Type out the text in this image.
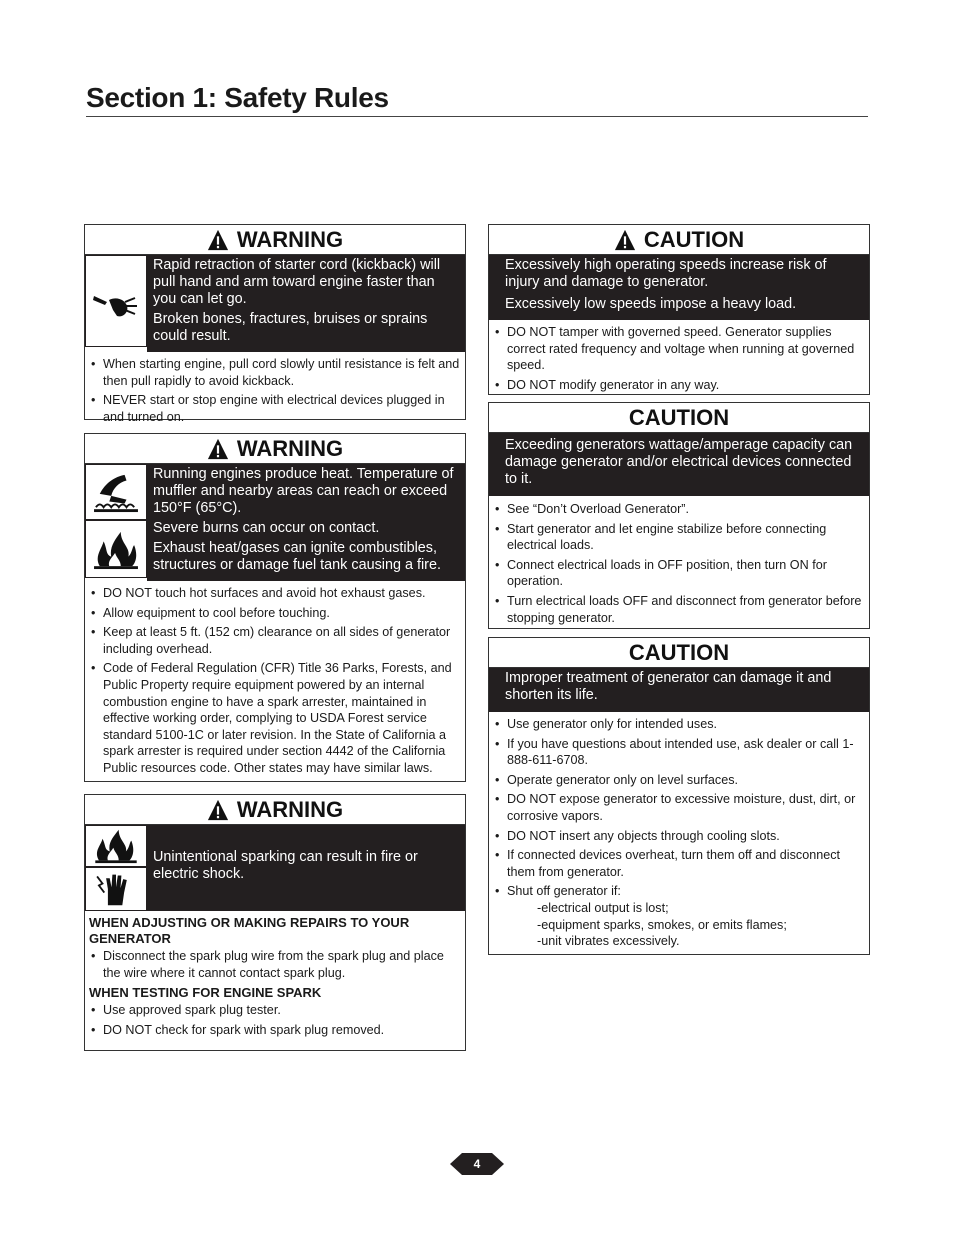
Section 1: Safety Rules
WARNING

Rapid retraction of starter cord (kickback) will pull hand and arm toward engine faster than you can let go.

Broken bones, fractures, bruises or sprains could result.

• When starting engine, pull cord slowly until resistance is felt and then pull rapidly to avoid kickback.
• NEVER start or stop engine with electrical devices plugged in and turned on.
WARNING

Running engines produce heat. Temperature of muffler and nearby areas can reach or exceed 150°F (65°C).

Severe burns can occur on contact.

Exhaust heat/gases can ignite combustibles, structures or damage fuel tank causing a fire.

• DO NOT touch hot surfaces and avoid hot exhaust gases.
• Allow equipment to cool before touching.
• Keep at least 5 ft. (152 cm) clearance on all sides of generator including overhead.
• Code of Federal Regulation (CFR) Title 36 Parks, Forests, and Public Property require equipment powered by an internal combustion engine to have a spark arrester, maintained in effective working order, complying to USDA Forest service standard 5100-1C or later revision. In the State of California a spark arrester is required under section 4442 of the California Public resources code. Other states may have similar laws.
WARNING

Unintentional sparking can result in fire or electric shock.

WHEN ADJUSTING OR MAKING REPAIRS TO YOUR GENERATOR
• Disconnect the spark plug wire from the spark plug and place the wire where it cannot contact spark plug.
WHEN TESTING FOR ENGINE SPARK
• Use approved spark plug tester.
• DO NOT check for spark with spark plug removed.
CAUTION

Excessively high operating speeds increase risk of injury and damage to generator.

Excessively low speeds impose a heavy load.

• DO NOT tamper with governed speed. Generator supplies correct rated frequency and voltage when running at governed speed.
• DO NOT modify generator in any way.
CAUTION

Exceeding generators wattage/amperage capacity can damage generator and/or electrical devices connected to it.

• See “Don’t Overload Generator”.
• Start generator and let engine stabilize before connecting electrical loads.
• Connect electrical loads in OFF position, then turn ON for operation.
• Turn electrical loads OFF and disconnect from generator before stopping generator.
CAUTION

Improper treatment of generator can damage it and shorten its life.

• Use generator only for intended uses.
• If you have questions about intended use, ask dealer or call 1-888-611-6708.
• Operate generator only on level surfaces.
• DO NOT expose generator to excessive moisture, dust, dirt, or corrosive vapors.
• DO NOT insert any objects through cooling slots.
• If connected devices overheat, turn them off and disconnect them from generator.
• Shut off generator if:
-electrical output is lost;
-equipment sparks, smokes, or emits flames;
-unit vibrates excessively.
4
